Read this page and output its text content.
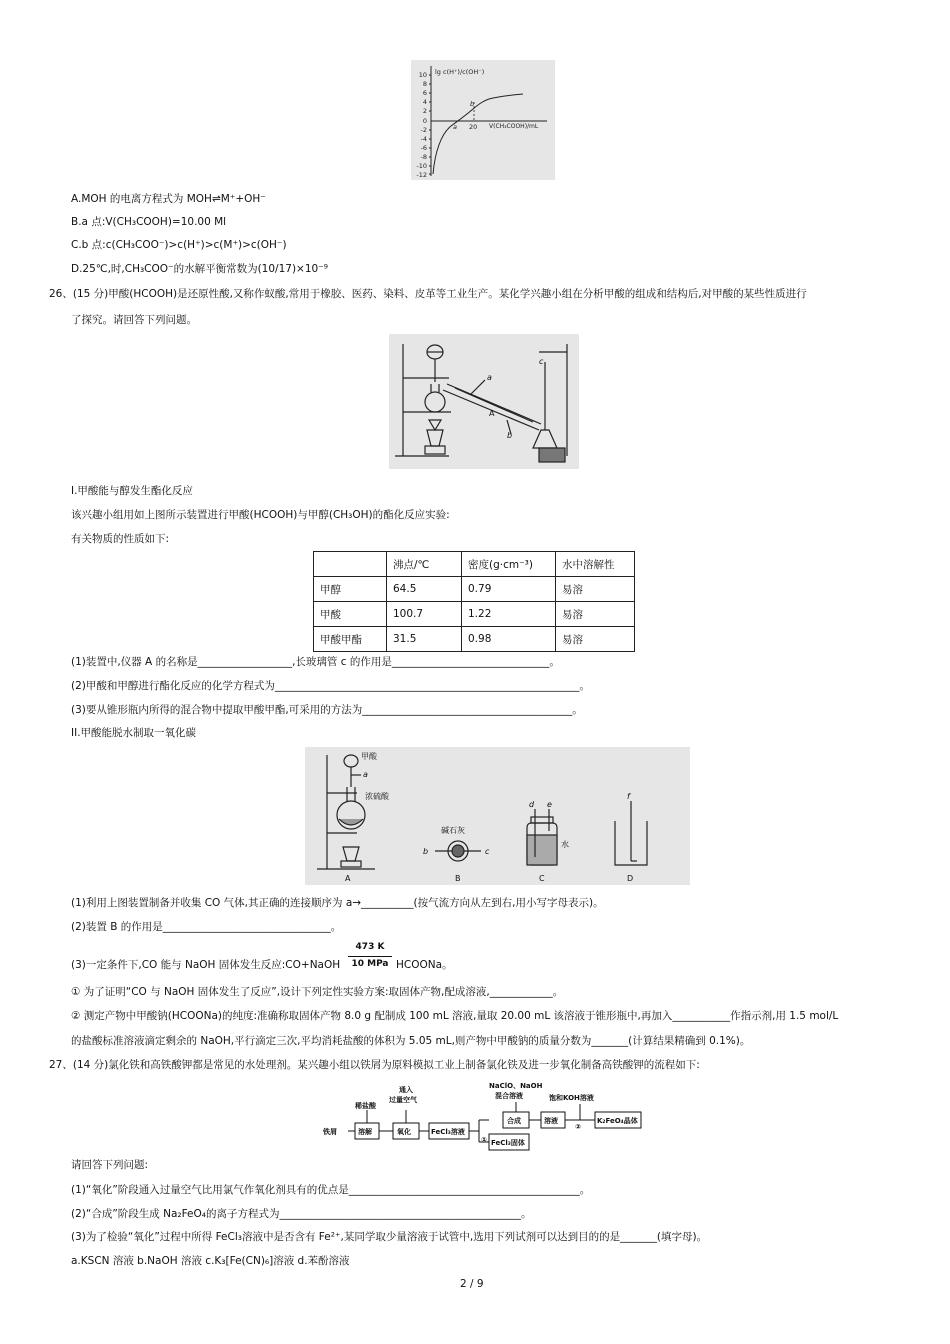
10
8
6
4
2
0
-2
-4
-6
-8
-10
-12
lg c(H⁺)/c(OH⁻)
a
b
20 V(CH₃COOH)/mL
A.MOH 的电离方程式为 MOH⇌M⁺+OH⁻
B.a 点:V(CH₃COOH)=10.00 Ml
C.b 点:c(CH₃COO⁻)>c(H⁺)>c(M⁺)>c(OH⁻)
D.25℃,时,CH₃COO⁻的水解平衡常数为(10/17)×10⁻⁹
26、(15 分)甲酸(HCOOH)是还原性酸,又称作蚁酸,常用于橡胶、医药、染料、皮革等工业生产。某化学兴趣小组在分析甲酸的组成和结构后,对甲酸的某些性质进行
了探究。请回答下列问题。
a
b
c
A
I.甲酸能与醇发生酯化反应
该兴趣小组用如上图所示装置进行甲酸(HCOOH)与甲醇(CH₃OH)的酯化反应实验:
有关物质的性质如下:
	沸点/℃	密度(g·cm⁻³)	水中溶解性
甲醇	64.5	0.79	易溶
甲酸	100.7	1.22	易溶
甲酸甲酯	31.5	0.98	易溶
(1)装置中,仪器 A 的名称是__________________,长玻璃管 c 的作用是______________________________。
(2)甲酸和甲醇进行酯化反应的化学方程式为__________________________________________________________。
(3)要从锥形瓶内所得的混合物中提取甲酸甲酯,可采用的方法为________________________________________。
II.甲酸能脱水制取一氧化碳
甲酸
a
浓硫酸
碱石灰
b	c
d e
水
f
A	B	C	D
(1)利用上图装置制备并收集 CO 气体,其正确的连接顺序为 a→__________(按气流方向从左到右,用小写字母表示)。
(2)装置 B 的作用是________________________________。
(3)一定条件下,CO 能与 NaOH 固体发生反应:CO+NaOH
473 K
10 MPa HCOONa。
① 为了证明“CO 与 NaOH 固体发生了反应”,设计下列定性实验方案:取固体产物,配成溶液,____________。
② 测定产物中甲酸钠(HCOONa)的纯度:准确称取固体产物 8.0 g 配制成 100 mL 溶液,量取 20.00 mL 该溶液于锥形瓶中,再加入___________作指示剂,用 1.5 mol/L
的盐酸标准溶液滴定剩余的 NaOH,平行滴定三次,平均消耗盐酸的体积为 5.05 mL,则产物中甲酸钠的质量分数为_______(计算结果精确到 0.1%)。
27、(14 分)氯化铁和高铁酸钾都是常见的水处理剂。某兴趣小组以铁屑为原料模拟工业上制备氯化铁及进一步氧化制备高铁酸钾的流程如下:
铁屑	溶解
稀盐酸
氧化
通入
过量空气
FeCl₃溶液
① FeCl₃固体
合成
NaClO、NaOH
混合溶液
溶液
饱和KOH溶液
②
K₂FeO₄晶体
请回答下列问题:
(1)“氧化”阶段通入过量空气比用氯气作氧化剂具有的优点是____________________________________________。
(2)“合成”阶段生成 Na₂FeO₄的离子方程式为______________________________________________。
(3)为了检验“氧化”过程中所得 FeCl₃溶液中是否含有 Fe²⁺,某同学取少量溶液于试管中,选用下列试剂可以达到目的的是_______(填字母)。
a.KSCN 溶液 b.NaOH 溶液 c.K₃[Fe(CN)₆]溶液 d.苯酚溶液
2 / 9
